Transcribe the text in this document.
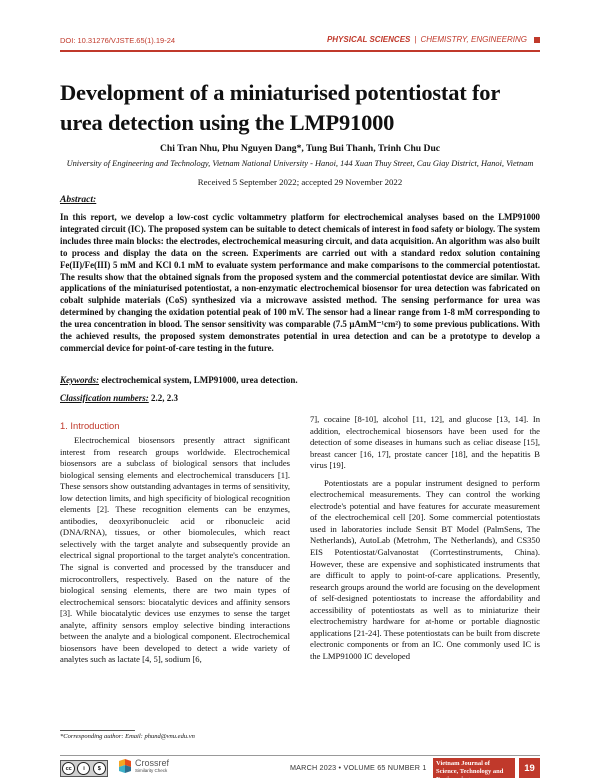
DOI: 10.31276/VJSTE.65(1).19-24	PHYSICAL SCIENCES | CHEMISTRY, ENGINEERING
Development of a miniaturised potentiostat for urea detection using the LMP91000
Chi Tran Nhu, Phu Nguyen Dang*, Tung Bui Thanh, Trinh Chu Duc
University of Engineering and Technology, Vietnam National University - Hanoi, 144 Xuan Thuy Street, Cau Giay District, Hanoi, Vietnam
Received 5 September 2022; accepted 29 November 2022
Abstract:
In this report, we develop a low-cost cyclic voltammetry platform for electrochemical analyses based on the LMP91000 integrated circuit (IC). The proposed system can be suitable to detect chemicals of interest in food safety or biology. The system includes three main blocks: the electrodes, electrochemical measuring circuit, and data acquisition. An algorithm was also built to process and display the data on the screen. Experiments are carried out with a standard redox solution containing Fe(II)/Fe(III) 5 mM and KCl 0.1 mM to evaluate system performance and make comparisons to the commercial potentiostat. The results show that the obtained signals from the proposed system and the commercial potentiostat device are similar. With applications of the miniaturised potentiostat, a non-enzymatic electrochemical biosensor for urea detection was fabricated on cobalt sulphide materials (CoS) synthesized via a microwave assisted method. The sensing performance for urea was determined by changing the oxidation potential peak of 100 mV. The sensor had a linear range from 1-8 mM corresponding to the urea concentration in blood. The sensor sensitivity was comparable (7.5 µAmM⁻¹cm²) to some previous publications. With the achieved results, the proposed system demonstrates potential in urea detection and can be a prototype to develop a commercial device for point-of-care testing in the future.
Keywords: electrochemical system, LMP91000, urea detection.
Classification numbers: 2.2, 2.3
1. Introduction

Electrochemical biosensors presently attract significant interest from research groups worldwide. Electrochemical biosensors are a subclass of biological sensors that includes biological sensing elements and electrochemical transducers [1]. These sensors show outstanding advantages in terms of sensitivity, low detection limits, and high specificity of biological recognition elements [2]. These recognition elements can be enzymes, antibodies, deoxyribonucleic acid or ribonucleic acid (DNA/RNA), tissues, or other biomolecules, which react selectively with the target analyte and subsequently provide an electrical signal proportional to the target analyte's concentration. The signal is converted and processed by the transducer and microcontrollers, respectively. Based on the nature of the biological sensing elements, there are two main types of electrochemical sensors: biocatalytic devices and affinity sensors [3]. While biocatalytic devices use enzymes to sense the target analyte, affinity sensors employ selective binding interactions between the analyte and a biological component. Electrochemical biosensors have been developed to detect a wide variety of analytes such as lactate [4, 5], sodium [6,

7], cocaine [8-10], alcohol [11, 12], and glucose [13, 14]. In addition, electrochemical biosensors have been used for the detection of some diseases in humans such as celiac disease [15], breast cancer [16, 17], prostate cancer [18], and the hepatitis B virus [19].

Potentiostats are a popular instrument designed to perform electrochemical measurements. They can control the working electrode's potential and have features for accurate measurement of the electrochemical cell [20]. Some commercial potentiostats used in laboratories include Sensit BT Model (PalmSens, The Netherlands), AutoLab (Metrohm, The Netherlands), and CS350 EIS Potentiostat/Galvanostat (Corrtestinstruments, China). However, these are expensive and sophisticated instruments that are difficult to apply to point-of-care applications. Presently, research groups around the world are focusing on the development of self-designed potentiostats to increase the affordability and accessibility of potentiostats as well as to miniaturize their electrochemistry hardware for at-home or portable diagnostic applications [21-24]. These potentiostats can be built from discrete electronic components or from an IC. One commonly used IC is the LMP91000 IC developed

*Corresponding author: Email: phund@vnu.edu.vn
cc	i	$
Crossref
Similarity Check	MARCH 2023 • VOLUME 65 NUMBER 1	Vietnam Journal of Science, Technology and Engineering
19
